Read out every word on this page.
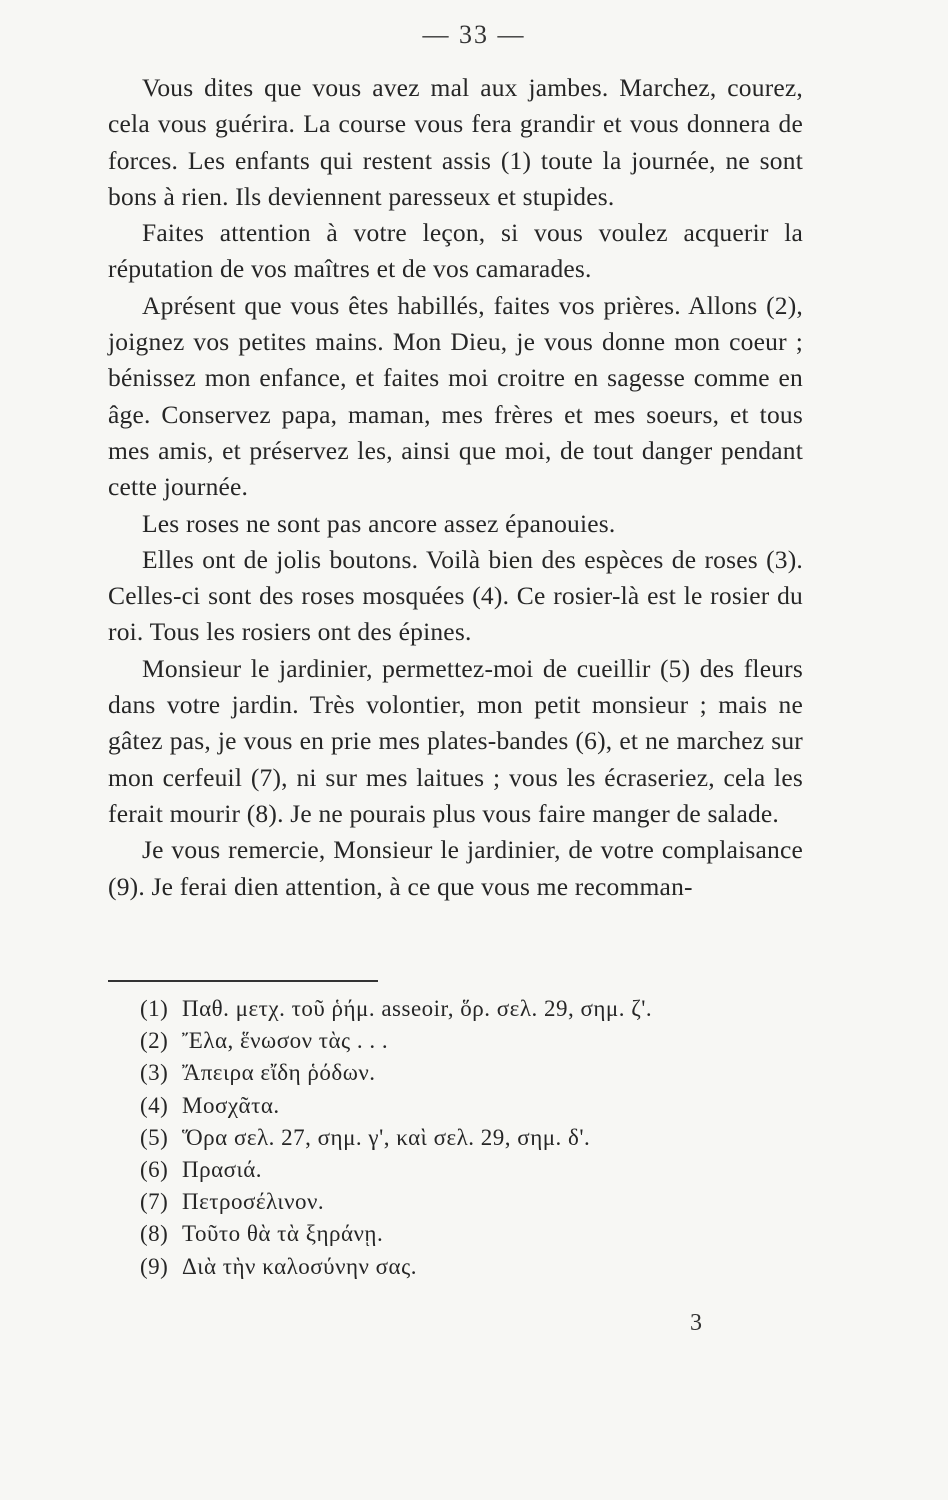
— 33 —

Vous dites que vous avez mal aux jambes. Marchez, courez, cela vous guérira. La course vous fera grandir et vous donnera de forces. Les enfants qui restent assis (1) toute la journée, ne sont bons à rien. Ils deviennent paresseux et stupides.

Faites attention à votre leçon, si vous voulez acquerir la réputation de vos maîtres et de vos camarades.

Aprésent que vous êtes habillés, faites vos prières. Allons (2), joignez vos petites mains. Mon Dieu, je vous donne mon coeur ; bénissez mon enfance, et faites moi croitre en sagesse comme en âge. Conservez papa, maman, mes frères et mes soeurs, et tous mes amis, et préservez les, ainsi que moi, de tout danger pendant cette journée.

Les roses ne sont pas ancore assez épanouies.

Elles ont de jolis boutons. Voilà bien des espèces de roses (3). Celles-ci sont des roses mosquées (4). Ce rosier-là est le rosier du roi. Tous les rosiers ont des épines.

Monsieur le jardinier, permettez-moi de cueillir (5) des fleurs dans votre jardin. Très volontier, mon petit monsieur ; mais ne gâtez pas, je vous en prie mes plates-bandes (6), et ne marchez sur mon cerfeuil (7), ni sur mes laitues ; vous les écraseriez, cela les ferait mourir (8). Je ne pourais plus vous faire manger de salade.

Je vous remercie, Monsieur le jardinier, de votre complaisance (9). Je ferai dien attention, à ce que vous me recomman-

(1) Παθ. μετχ. τοῦ ῥήμ. asseoir, ὅρ. σελ. 29, σημ. ζ'.
(2) Ἔλα, ἕνωσον τὰς . . .
(3) Ἄπειρα εἴδη ῥόδων.
(4) Μοσχᾶτα.
(5) Ὅρα σελ. 27, σημ. γ', καὶ σελ. 29, σημ. δ'.
(6) Πρασιά.
(7) Πετροσέλινον.
(8) Τοῦτο θὰ τὰ ξηράνῃ.
(9) Διὰ τὴν καλοσύνην σας.
3
